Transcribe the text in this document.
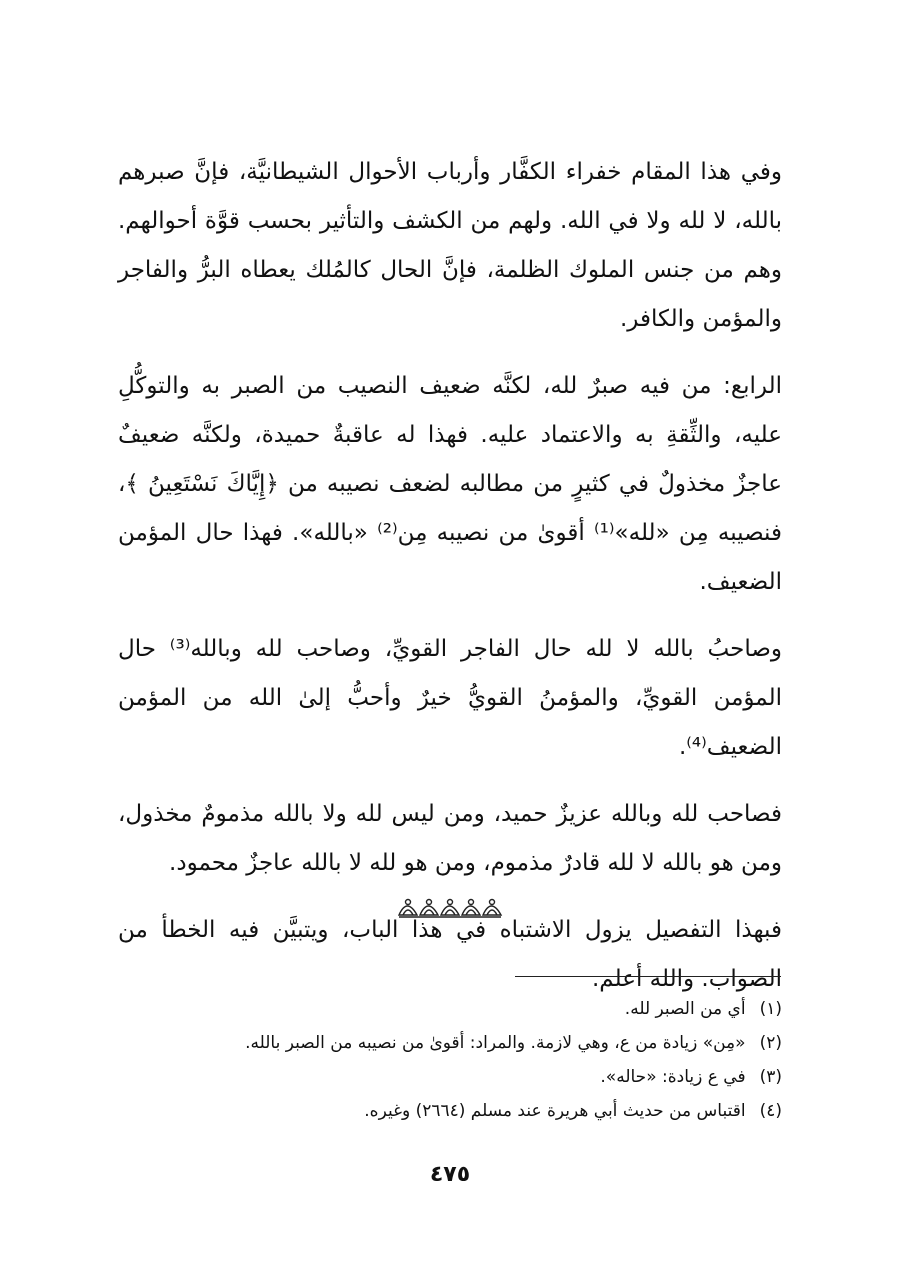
وفي هذا المقام خفراء الكفَّار وأرباب الأحوال الشيطانيَّة، فإنَّ صبرهم بالله، لا لله ولا في الله. ولهم من الكشف والتأثير بحسب قوَّة أحوالهم. وهم من جنس الملوك الظلمة، فإنَّ الحال كالمُلك يعطاه البرُّ والفاجر والمؤمن والكافر.

الرابع: من فيه صبرٌ لله، لكنَّه ضعيف النصيب من الصبر به والتوكُّلِ عليه، والثِّقةِ به والاعتماد عليه. فهذا له عاقبةٌ حميدة، ولكنَّه ضعيفٌ عاجزٌ مخذولٌ في كثيرٍ من مطالبه لضعف نصيبه من ﴿إِيَّاكَ نَسْتَعِينُ ﴾، فنصيبه مِن «لله»⁽¹⁾ أقوىٰ من نصيبه مِن⁽²⁾ «بالله». فهذا حال المؤمن الضعيف.

وصاحبُ بالله لا لله حال الفاجر القويِّ، وصاحب لله وبالله⁽³⁾ حال المؤمن القويِّ، والمؤمنُ القويُّ خيرٌ وأحبُّ إلىٰ الله من المؤمن الضعيف⁽⁴⁾.

فصاحب لله وبالله عزيزٌ حميد، ومن ليس لله ولا بالله مذمومٌ مخذول، ومن هو بالله لا لله قادرٌ مذموم، ومن هو لله لا بالله عاجزٌ محمود.

فبهذا التفصيل يزول الاشتباه في هذا الباب، ويتبيَّن فيه الخطأ من الصواب. والله أعلم.

(١)أي من الصبر لله.

(٢)«مِن» زيادة من ع، وهي لازمة. والمراد: أقوىٰ من نصيبه من الصبر بالله.

(٣)في ع زيادة: «حاله».

(٤)اقتباس من حديث أبي هريرة عند مسلم (٢٦٦٤) وغيره.

٤٧٥
